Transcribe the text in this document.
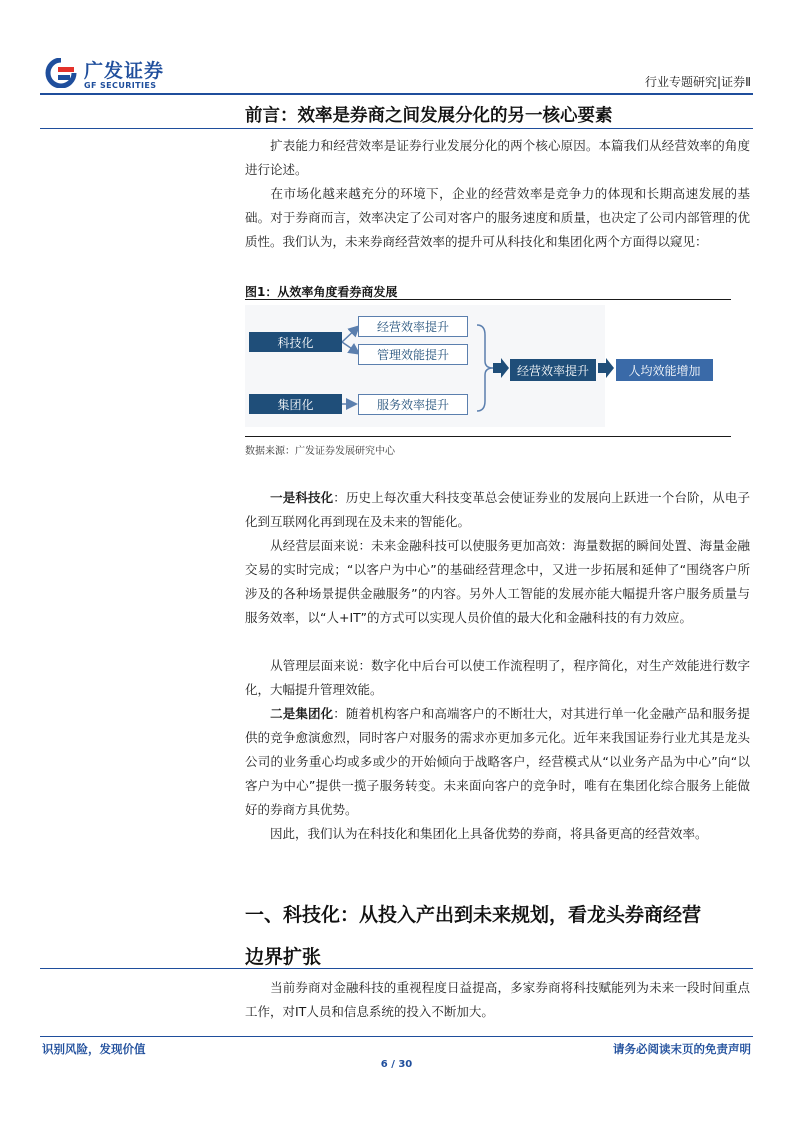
广发证券
GF SECURITIES	行业专题研究|证券Ⅱ
前言：效率是券商之间发展分化的另一核心要素
扩表能力和经营效率是证券行业发展分化的两个核心原因。本篇我们从经营效率的角度进行论述。
在市场化越来越充分的环境下，企业的经营效率是竞争力的体现和长期高速发展的基础。对于券商而言，效率决定了公司对客户的服务速度和质量，也决定了公司内部管理的优质性。我们认为，未来券商经营效率的提升可从科技化和集团化两个方面得以窥见：
图1：从效率角度看券商发展
科技化
集团化
经营效率提升
管理效能提升
服务效率提升
经营效率提升	人均效能增加
数据来源：广发证券发展研究中心
一是科技化：历史上每次重大科技变革总会使证券业的发展向上跃进一个台阶，从电子化到互联网化再到现在及未来的智能化。
从经营层面来说：未来金融科技可以使服务更加高效：海量数据的瞬间处置、海量金融交易的实时完成；“以客户为中心”的基础经营理念中，又进一步拓展和延伸了“围绕客户所涉及的各种场景提供金融服务”的内容。另外人工智能的发展亦能大幅提升客户服务质量与服务效率，以“人+IT”的方式可以实现人员价值的最大化和金融科技的有力效应。
从管理层面来说：数字化中后台可以使工作流程明了，程序简化，对生产效能进行数字化，大幅提升管理效能。
二是集团化：随着机构客户和高端客户的不断壮大，对其进行单一化金融产品和服务提供的竞争愈演愈烈，同时客户对服务的需求亦更加多元化。近年来我国证券行业尤其是龙头公司的业务重心均或多或少的开始倾向于战略客户，经营模式从“以业务产品为中心”向“以客户为中心”提供一揽子服务转变。未来面向客户的竞争时，唯有在集团化综合服务上能做好的券商方具优势。
因此，我们认为在科技化和集团化上具备优势的券商，将具备更高的经营效率。
一、科技化：从投入产出到未来规划，看龙头券商经营
边界扩张
当前券商对金融科技的重视程度日益提高，多家券商将科技赋能列为未来一段时间重点工作，对IT人员和信息系统的投入不断加大。
识别风险，发现价值	请务必阅读末页的免责声明
6 / 30
